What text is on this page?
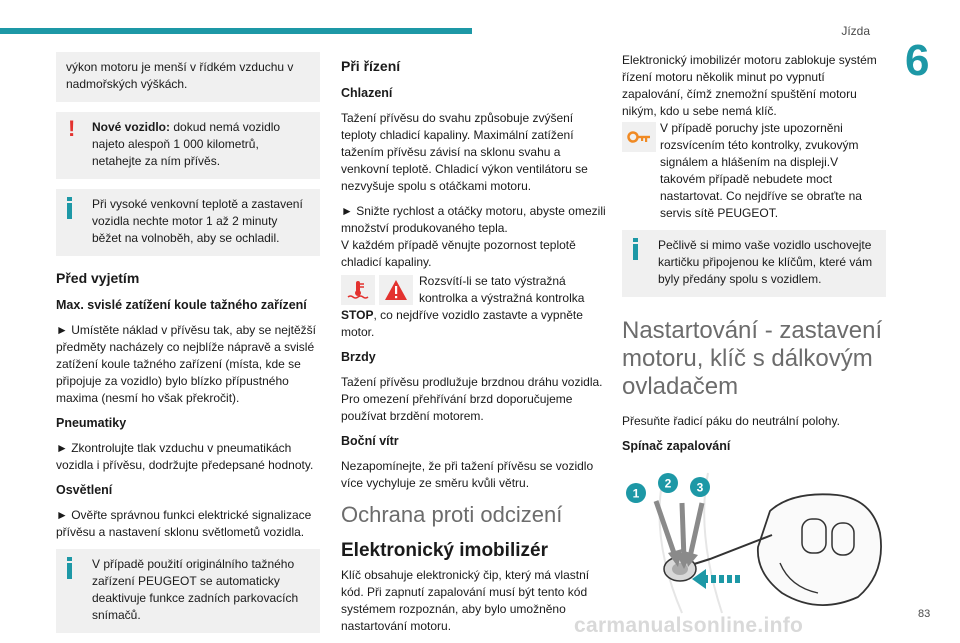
Jízda
6
výkon motoru je menší v řídkém vzduchu v nadmořských výškách.
!	Nové vozidlo: dokud nemá vozidlo najeto alespoň 1 000 kilometrů, netahejte za ním přívěs.
Při vysoké venkovní teplotě a zastavení vozidla nechte motor 1 až 2 minuty běžet na volnoběh, aby se ochladil.
Před vyjetím
Max. svislé zatížení koule tažného zařízení

► Umístěte náklad v přívěsu tak, aby se nejtěžší předměty nacházely co nejblíže nápravě a svislé zatížení koule tažného zařízení (místa, kde se připojuje za vozidlo) bylo blízko přípustného maxima (nesmí ho však překročit).

Pneumatiky

► Zkontrolujte tlak vzduchu v pneumatikách vozidla i přívěsu, dodržujte předepsané hodnoty.

Osvětlení

► Ověřte správnou funkci elektrické signalizace přívěsu a nastavení sklonu světlometů vozidla.

V případě použití originálního tažného zařízení PEUGEOT se automaticky deaktivuje funkce zadních parkovacích snímačů.
Při řízení
Chlazení

Tažení přívěsu do svahu způsobuje zvýšení teploty chladicí kapaliny. Maximální zatížení tažením přívěsu závisí na sklonu svahu a venkovní teplotě. Chladicí výkon ventilátoru se nezvyšuje spolu s otáčkami motoru.

► Snižte rychlost a otáčky motoru, abyste omezili množství produkovaného tepla.

V každém případě věnujte pozornost teplotě chladicí kapaliny.

Rozsvítí-li se tato výstražná kontrolka a výstražná kontrolka

STOP, co nejdříve vozidlo zastavte a vypněte motor.

Brzdy

Tažení přívěsu prodlužuje brzdnou dráhu vozidla. Pro omezení přehřívání brzd doporučujeme používat brzdění motorem.

Boční vítr

Nezapomínejte, že při tažení přívěsu se vozidlo více vychyluje ze směru kvůli větru.

Ochrana proti odcizení
Elektronický imobilizér

Klíč obsahuje elektronický čip, který má vlastní kód. Při zapnutí zapalování musí být tento kód systémem rozpoznán, aby bylo umožněno nastartování motoru.

Elektronický imobilizér motoru zablokuje systém řízení motoru několik minut po vypnutí zapalování, čímž znemožní spuštění motoru nikým, kdo u sebe nemá klíč.

V případě poruchy jste upozorněni rozsvícením této kontrolky, zvukovým signálem a hlášením na displeji.V takovém případě nebudete moct nastartovat. Co nejdříve se obraťte na servis sítě PEUGEOT.
Pečlivě si mimo vaše vozidlo uschovejte kartičku připojenou ke klíčům, které vám byly předány spolu s vozidlem.
Nastartování - zastavení motoru, klíč s dálkovým ovladačem

Přesuňte řadicí páku do neutrální polohy.

Spínač zapalování
1
2 3
carmanualsonline.info	83
